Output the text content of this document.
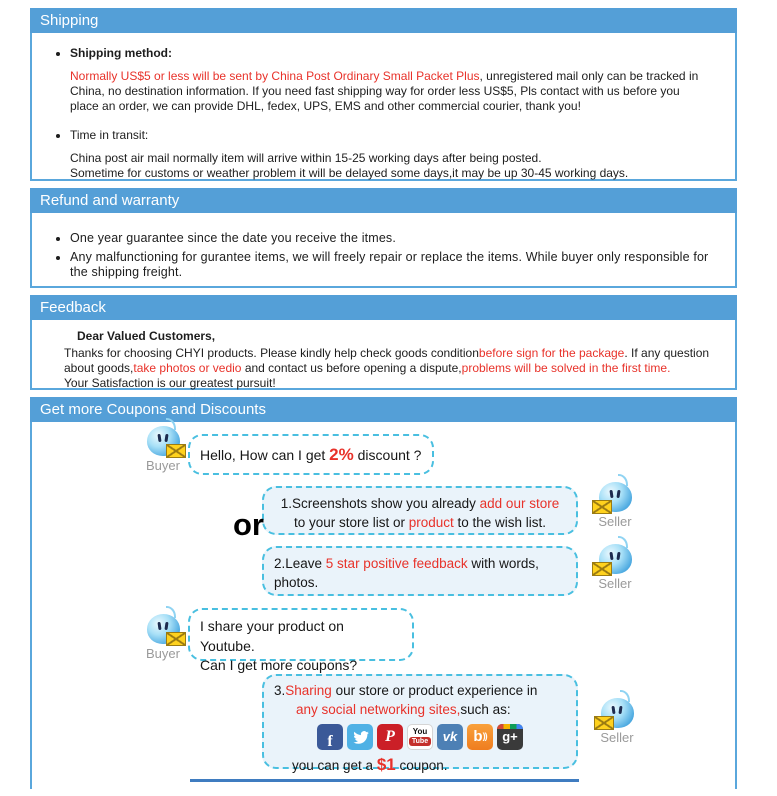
Shipping
• Shipping method:

Normally US$5 or less will be sent by China Post Ordinary Small Packet Plus, unregistered mail only can be tracked in China, no destination information. If you need fast shipping way for order less US$5, Pls contact with us before you place an order, we can provide DHL, fedex, UPS, EMS and other commercial courier, thank you!

• Time in transit:

China post air mail normally item will arrive within 15-25 working days after being posted.
Sometime for customs or weather problem it will be delayed some days,it may be up 30-45 working days.

Refund and warranty
• One year guarantee since the date you receive the itmes.
• Any malfunctioning for gurantee items, we will freely repair or replace the items. While buyer only responsible for the shipping freight.
Feedback
Dear Valued Customers,

Thanks for choosing CHYI products. Please kindly help check goods conditionbefore sign for the package. If any question about goods,take photos or vedio and contact us before opening a dispute,problems will be solved in the first time.

Your Satisfaction is our greatest pursuit!

Get more Coupons and Discounts
Buyer
Hello, How can I get 2% discount ?
1.Screenshots show you already add our store to your store list or product to the wish list.	Seller
or
2.Leave 5 star positive feedback with words, photos.	Seller
Buyer
I share your product on Youtube.
Can I get more coupons?
3.Sharing our store or product experience in
any social networking sites,such as:
f	P You
Tube vk b )) g+
you can get a $1 coupon.
Seller
